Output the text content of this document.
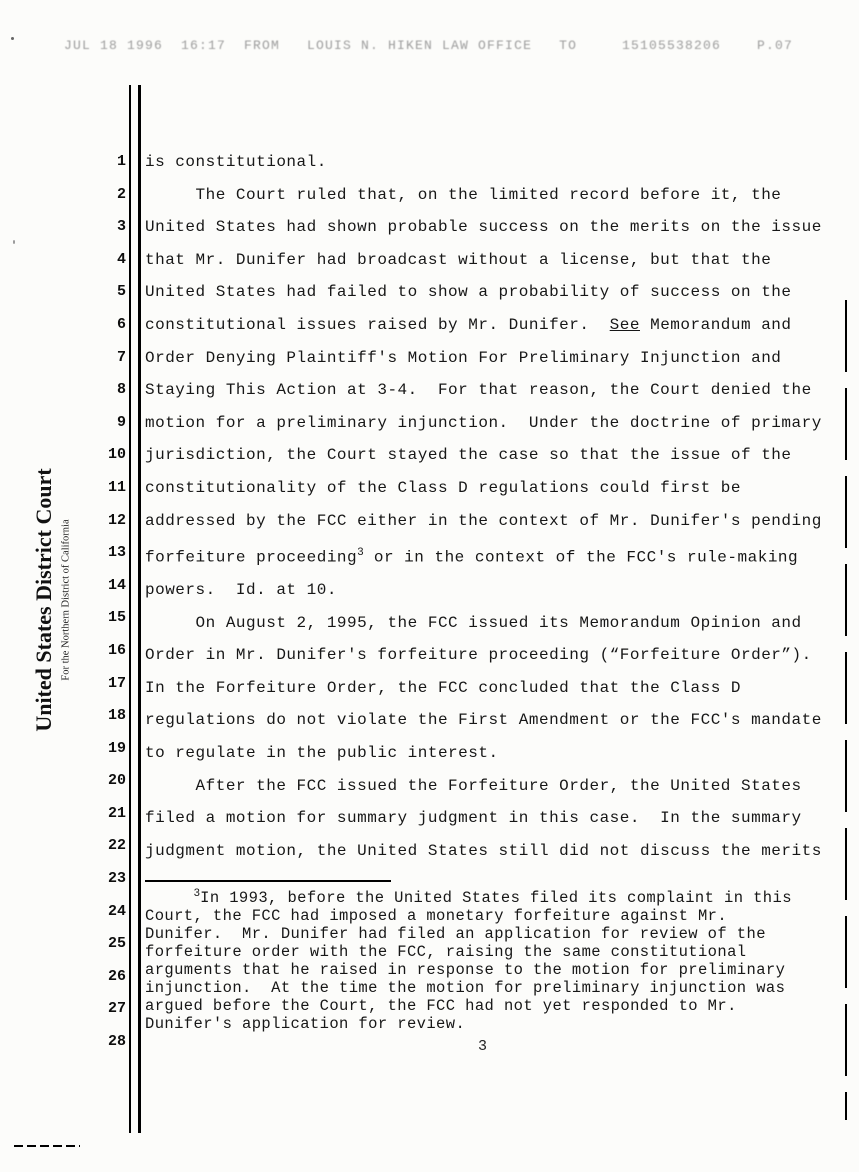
JUL 18 1996  16:17  FROM   LOUIS N. HIKEN LAW OFFICE   TO	15105538206    P.07
United States District Court For the Northern District of California
1
2
3
4
5
6
7
8
9
10
11
12
13
14
15
16
17
18
19
20
21
22
23
24
25
26
27
28
is constitutional.
The Court ruled that, on the limited record before it, the
United States had shown probable success on the merits on the issue
that Mr. Dunifer had broadcast without a license, but that the
United States had failed to show a probability of success on the
constitutional issues raised by Mr. Dunifer.  See Memorandum and
Order Denying Plaintiff's Motion For Preliminary Injunction and
Staying This Action at 3-4.  For that reason, the Court denied the
motion for a preliminary injunction.  Under the doctrine of primary
jurisdiction, the Court stayed the case so that the issue of the
constitutionality of the Class D regulations could first be
addressed by the FCC either in the context of Mr. Dunifer's pending
forfeiture proceeding$^3$ or in the context of the FCC's rule-making
powers.  Id. at 10.
On August 2, 1995, the FCC issued its Memorandum Opinion and
Order in Mr. Dunifer's forfeiture proceeding (“Forfeiture Order”).
In the Forfeiture Order, the FCC concluded that the Class D
regulations do not violate the First Amendment or the FCC's mandate
to regulate in the public interest.
After the FCC issued the Forfeiture Order, the United States
filed a motion for summary judgment in this case.  In the summary
judgment motion, the United States still did not discuss the merits
$^3$In 1993, before the United States filed its complaint in this
Court, the FCC had imposed a monetary forfeiture against Mr.
Dunifer.  Mr. Dunifer had filed an application for review of the
forfeiture order with the FCC, raising the same constitutional
arguments that he raised in response to the motion for preliminary
injunction.  At the time the motion for preliminary injunction was
argued before the Court, the FCC had not yet responded to Mr.
Dunifer's application for review.
3
